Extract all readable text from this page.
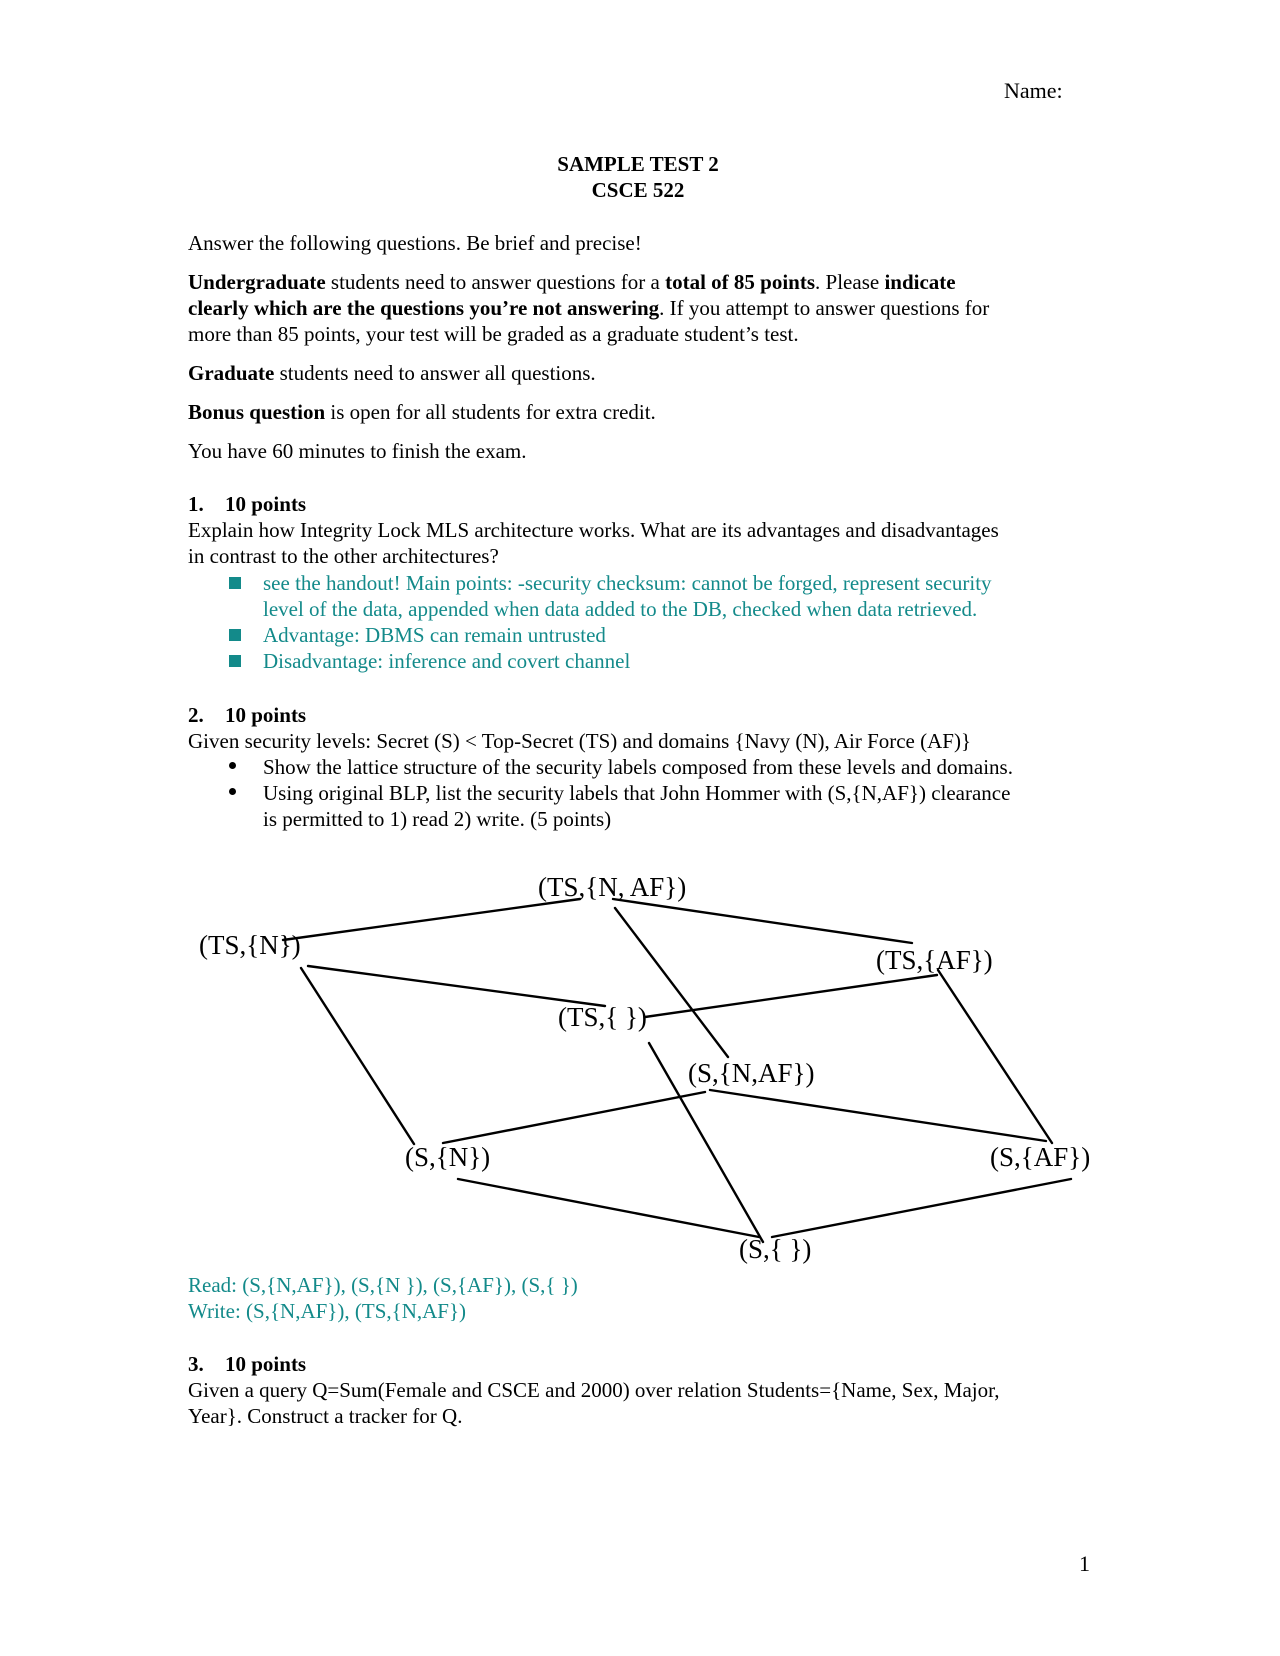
Name:
SAMPLE TEST 2
CSCE 522
Answer the following questions. Be brief and precise!
Undergraduate students need to answer questions for a total of 85 points. Please indicate
clearly which are the questions you’re not answering. If you attempt to answer questions for
more than 85 points, your test will be graded as a graduate student’s test.
Graduate students need to answer all questions.
Bonus question is open for all students for extra credit.
You have 60 minutes to finish the exam.
1. 10 points
Explain how Integrity Lock MLS architecture works. What are its advantages and disadvantages
in contrast to the other architectures?
see the handout! Main points: -security checksum: cannot be forged, represent security
level of the data, appended when data added to the DB, checked when data retrieved.
Advantage: DBMS can remain untrusted
Disadvantage: inference and covert channel
2. 10 points
Given security levels: Secret (S) < Top-Secret (TS) and domains {Navy (N), Air Force (AF)}
Show the lattice structure of the security labels composed from these levels and domains.
Using original BLP, list the security labels that John Hommer with (S,{N,AF}) clearance
is permitted to 1) read 2) write. (5 points)
(TS,{N, AF})
(TS,{N})	(TS,{AF})
(TS,{ })
(S,{N,AF})
(S,{N})	(S,{AF})
(S,{ })
Read: (S,{N,AF}), (S,{N }), (S,{AF}), (S,{ })
Write: (S,{N,AF}), (TS,{N,AF})
3. 10 points
Given a query Q=Sum(Female and CSCE and 2000) over relation Students={Name, Sex, Major,
Year}. Construct a tracker for Q.
1
